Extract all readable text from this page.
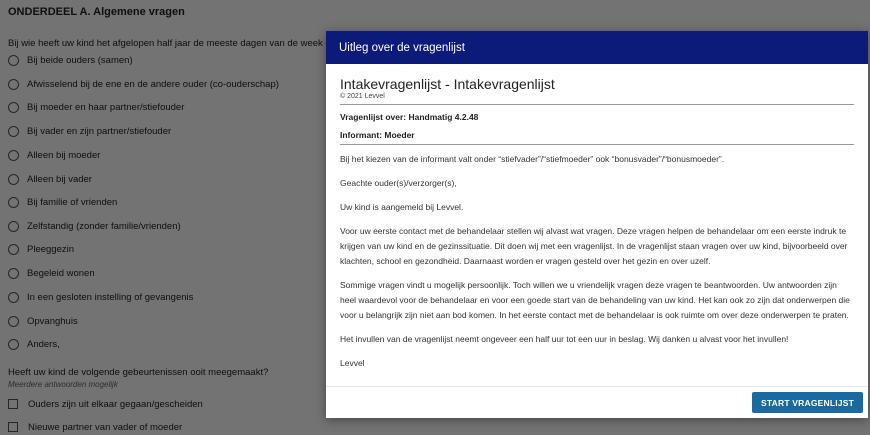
Uitleg over de vragenlijst
Intakevragenlijst - Intakevragenlijst
© 2021 Levvel
Vragenlijst over: Handmatig 4.2.48
Informant: Moeder

Bij het kiezen van de informant valt onder “stiefvader”/“stiefmoeder” ook “bonusvader”/“bonusmoeder”.

Geachte ouder(s)/verzorger(s),

Uw kind is aangemeld bij Levvel.

Voor uw eerste contact met de behandelaar stellen wij alvast wat vragen. Deze vragen helpen de behandelaar om een eerste indruk te krijgen van uw kind en de gezinssituatie. Dit doen wij met een vragenlijst. In de vragenlijst staan vragen over uw kind, bijvoorbeeld over klachten, school en gezondheid. Daarnaast worden er vragen gesteld over het gezin en over uzelf.

Sommige vragen vindt u mogelijk persoonlijk. Toch willen we u vriendelijk vragen deze vragen te beantwoorden. Uw antwoorden zijn heel waardevol voor de behandelaar en voor een goede start van de behandeling van uw kind. Het kan ook zo zijn dat onderwerpen die voor u belangrijk zijn niet aan bod komen. In het eerste contact met de behandelaar is ook ruimte om over deze onderwerpen te praten.

Het invullen van de vragenlijst neemt ongeveer een half uur tot een uur in beslag. Wij danken u alvast voor het invullen!

Levvel

START VRAGENLIJST
